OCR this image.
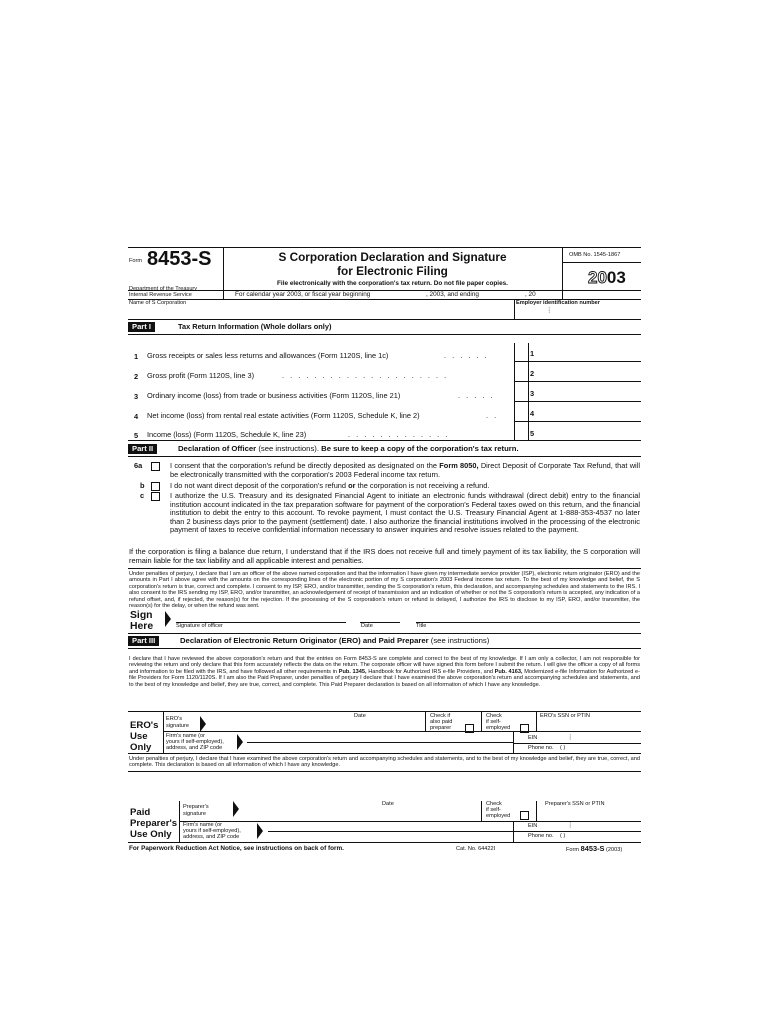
Form 8453-S
Department of the Treasury
Internal Revenue Service
S Corporation Declaration and Signature
for Electronic Filing
File electronically with the corporation's tax return. Do not file paper copies.
OMB No. 1545-1867
2003
For calendar year 2003, or fiscal year beginning	, 2003, and ending	, 20
Name of S Corporation	Employer identification number
⋮
Part I	Tax Return Information (Whole dollars only)
1 Gross receipts or sales less returns and allowances (Form 1120S, line 1c)	. . . . . .	1
2 Gross profit (Form 1120S, line 3)	. . . . . . . . . . . . . . . . . . . . .	2
3 Ordinary income (loss) from trade or business activities (Form 1120S, line 21)	. . . . .	3
4 Net income (loss) from rental real estate activities (Form 1120S, Schedule K, line 2)	. .	4
5 Income (loss) (Form 1120S, Schedule K, line 23)	. . . . . . . . . . . . .	5
Part II	Declaration of Officer (see instructions). Be sure to keep a copy of the corporation's tax return.
6a	I consent that the corporation's refund be directly deposited as designated on the Form 8050, Direct Deposit of Corporate Tax Refund, that will be electronically transmitted with the corporation's 2003 Federal income tax return.
b	I do not want direct deposit of the corporation's refund or the corporation is not receiving a refund.
c	I authorize the U.S. Treasury and its designated Financial Agent to initiate an electronic funds withdrawal (direct debit) entry to the financial institution account indicated in the tax preparation software for payment of the corporation's Federal taxes owed on this return, and the financial institution to debit the entry to this account. To revoke payment, I must contact the U.S. Treasury Financial Agent at 1-888-353-4537 no later than 2 business days prior to the payment (settlement) date. I also authorize the financial institutions involved in the processing of the electronic payment of taxes to receive confidential information necessary to answer inquiries and resolve issues related to the payment.
If the corporation is filing a balance due return, I understand that if the IRS does not receive full and timely payment of its tax liability, the S corporation will remain liable for the tax liability and all applicable interest and penalties.
Under penalties of perjury, I declare that I am an officer of the above named corporation and that the information I have given my intermediate service provider (ISP), electronic return originator (ERO) and the amounts in Part I above agree with the amounts on the corresponding lines of the electronic portion of my S corporation's 2003 Federal income tax return. To the best of my knowledge and belief, the S corporation's return is true, correct and complete. I consent to my ISP, ERO, and/or transmitter, sending the S corporation's return, this declaration, and accompanying schedules and statements to the IRS. I also consent to the IRS sending my ISP, ERO, and/or transmitter, an acknowledgement of receipt of transmission and an indication of whether or not the S corporation's return is accepted, any indication of a refund offset, and, if rejected, the reason(s) for the rejection. If the processing of the S corporation's return or refund is delayed, I authorize the IRS to disclose to my ISP, ERO, and/or transmitter, the reason(s) for the delay, or when the refund was sent.
Sign
Here	Signature of officer	Date	Title
Part III	Declaration of Electronic Return Originator (ERO) and Paid Preparer (see instructions)
I declare that I have reviewed the above corporation's return and that the entries on Form 8453-S are complete and correct to the best of my knowledge. If I am only a collector, I am not responsible for reviewing the return and only declare that this form accurately reflects the data on the return. The corporate officer will have signed this form before I submit the return. I will give the officer a copy of all forms and information to be filed with the IRS, and have followed all other requirements in Pub. 1345, Handbook for Authorized IRS e-file Providers, and Pub. 4163, Modernized e-file Information for Authorized e-file Providers for Form 1120/1120S. If I am also the Paid Preparer, under penalties of perjury I declare that I have examined the above corporation's return and accompanying schedules and statements, and to the best of my knowledge and belief, they are true, correct, and complete. This Paid Preparer declaration is based on all information of which I have any knowledge.
ERO's
Use
Only
ERO's
signature
Date	Check if
also paid
preparer
Check
if self-
employed
ERO's SSN or PTIN
Firm's name (or
yours if self-employed),
address, and ZIP code
EIN	⋮
Phone no. ( )
Under penalties of perjury, I declare that I have examined the above corporation's return and accompanying schedules and statements, and to the best of my knowledge and belief, they are true, correct, and complete. This declaration is based on all information of which I have any knowledge.
Paid
Preparer's
Use Only
Preparer's
signature
Date	Check
if self-
employed
Preparer's SSN or PTIN
Firm's name (or
yours if self-employed),
address, and ZIP code
EIN	⋮
Phone no. ( )
For Paperwork Reduction Act Notice, see instructions on back of form.	Cat. No. 64422I	Form 8453-S (2003)
